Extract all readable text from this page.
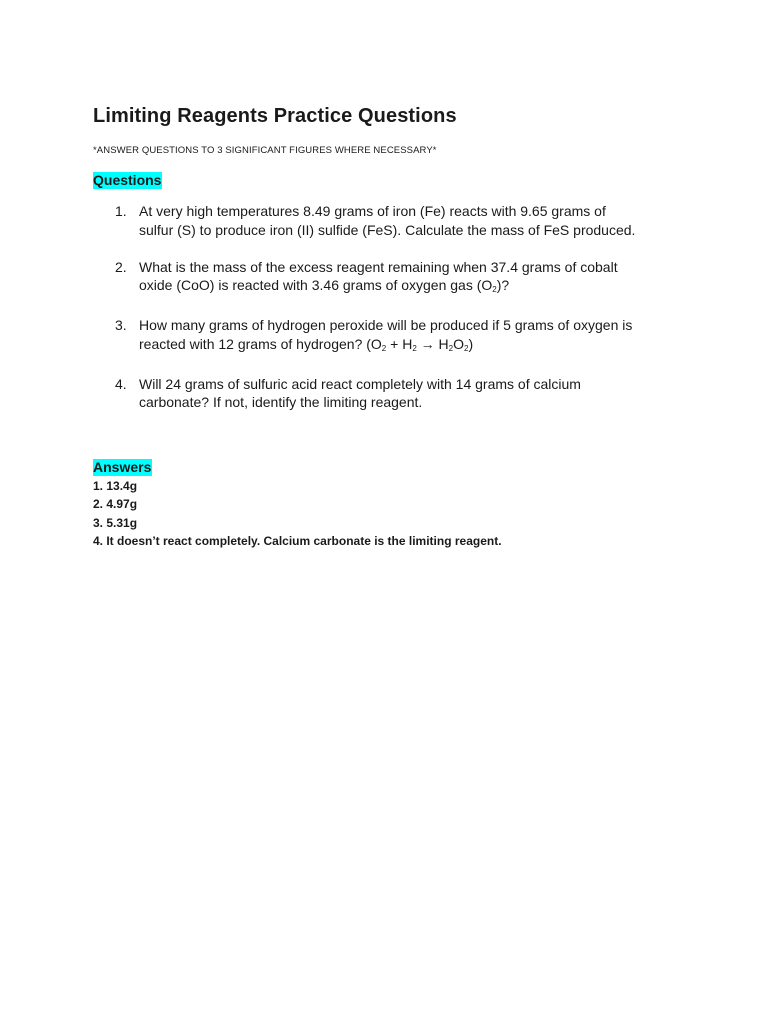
Limiting Reagents Practice Questions
*ANSWER QUESTIONS TO 3 SIGNIFICANT FIGURES WHERE NECESSARY*
Questions
1. At very high temperatures 8.49 grams of iron (Fe) reacts with 9.65 grams of
sulfur (S) to produce iron (II) sulfide (FeS). Calculate the mass of FeS produced.
2. What is the mass of the excess reagent remaining when 37.4 grams of cobalt
oxide (CoO) is reacted with 3.46 grams of oxygen gas (O2)?
3. How many grams of hydrogen peroxide will be produced if 5 grams of oxygen is
reacted with 12 grams of hydrogen? (O2 + H2 → H2O2)
4. Will 24 grams of sulfuric acid react completely with 14 grams of calcium
carbonate? If not, identify the limiting reagent.
Answers
1. 13.4g
2. 4.97g
3. 5.31g
4. It doesn’t react completely. Calcium carbonate is the limiting reagent.
